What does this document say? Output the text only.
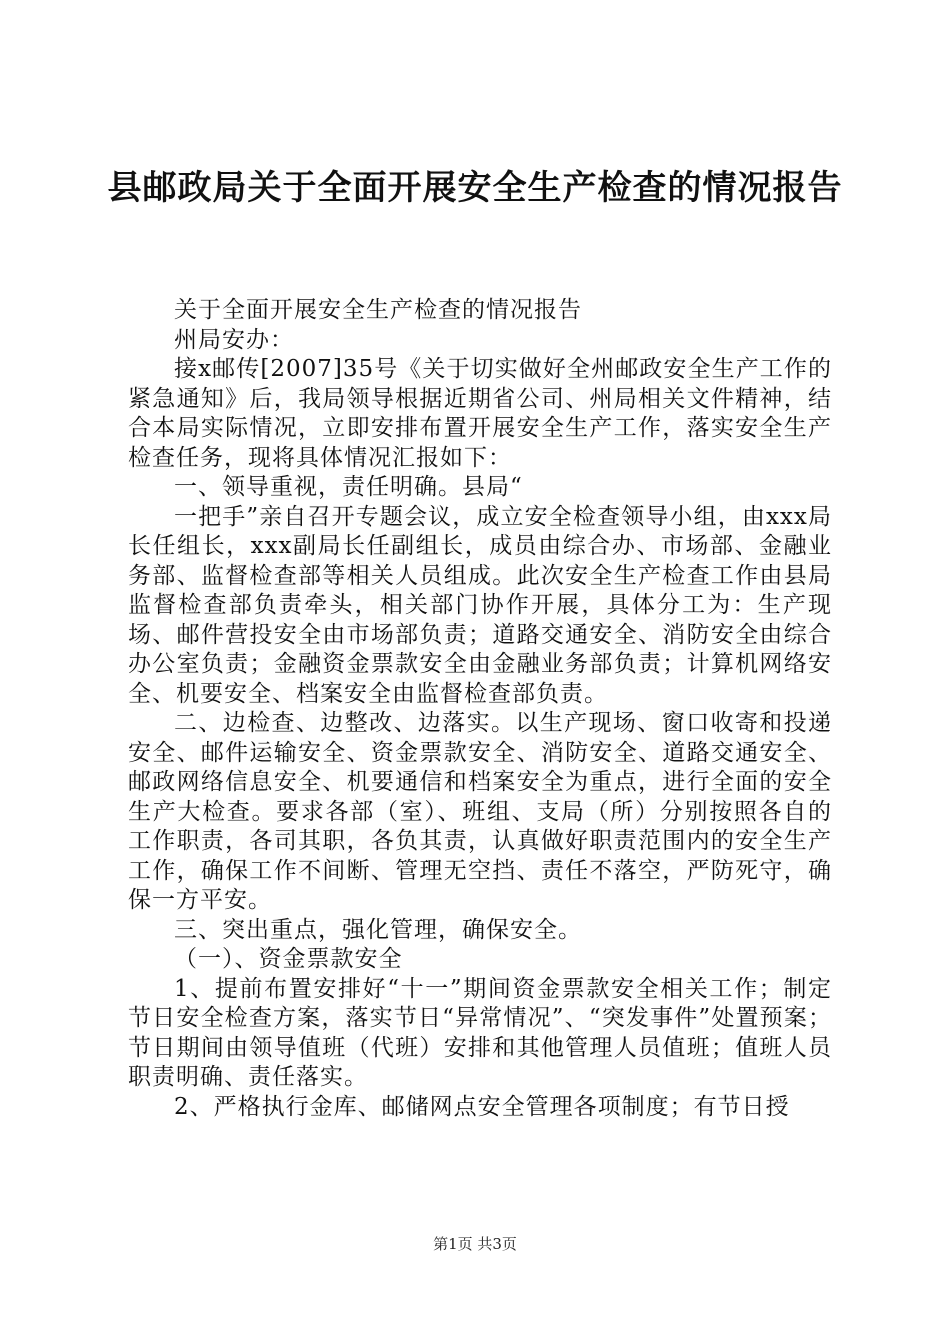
县邮政局关于全面开展安全生产检查的情况报告

关于全面开展安全生产检查的情况报告

州局安办：

接x邮传[2007]35号《关于切实做好全州邮政安全生产工作的紧急通知》后，我局领导根据近期省公司、州局相关文件精神，结合本局实际情况，立即安排布置开展安全生产工作，落实安全生产检查任务，现将具体情况汇报如下：

一、领导重视，责任明确。县局“

一把手”亲自召开专题会议，成立安全检查领导小组，由xxx局长任组长，xxx副局长任副组长，成员由综合办、市场部、金融业务部、监督检查部等相关人员组成。此次安全生产检查工作由县局监督检查部负责牵头，相关部门协作开展，具体分工为：生产现场、邮件营投安全由市场部负责；道路交通安全、消防安全由综合办公室负责；金融资金票款安全由金融业务部负责；计算机网络安全、机要安全、档案安全由监督检查部负责。

二、边检查、边整改、边落实。以生产现场、窗口收寄和投递安全、邮件运输安全、资金票款安全、消防安全、道路交通安全、邮政网络信息安全、机要通信和档案安全为重点，进行全面的安全生产大检查。要求各部（室）、班组、支局（所）分别按照各自的工作职责，各司其职，各负其责，认真做好职责范围内的安全生产工作，确保工作不间断、管理无空挡、责任不落空，严防死守，确保一方平安。

三、突出重点，强化管理，确保安全。

（一）、资金票款安全

1、提前布置安排好“十一”期间资金票款安全相关工作；制定节日安全检查方案，落实节日“异常情况”、“突发事件”处置预案；节日期间由领导值班（代班）安排和其他管理人员值班；值班人员职责明确、责任落实。

2、严格执行金库、邮储网点安全管理各项制度；有节日授

第1页 共3页
